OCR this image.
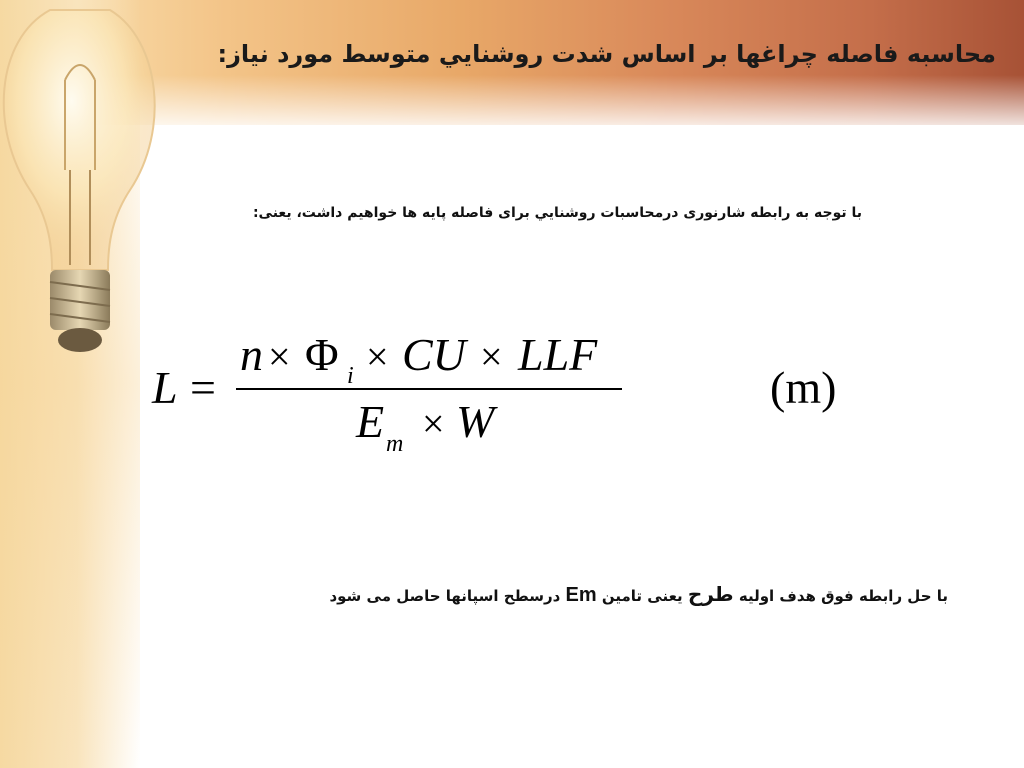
محاسبه فاصله چراغها بر اساس شدت روشنايي متوسط مورد نياز:
با توجه به رابطه شارنوری درمحاسبات روشنايي برای فاصله پايه ها خواهيم داشت، يعنی:
L =
n × Φ i × CU × LLF
E m × W
(m)
با حل رابطه فوق هدف اوليه طرح يعنی تامين Em درسطح اسپانها حاصل می شود
